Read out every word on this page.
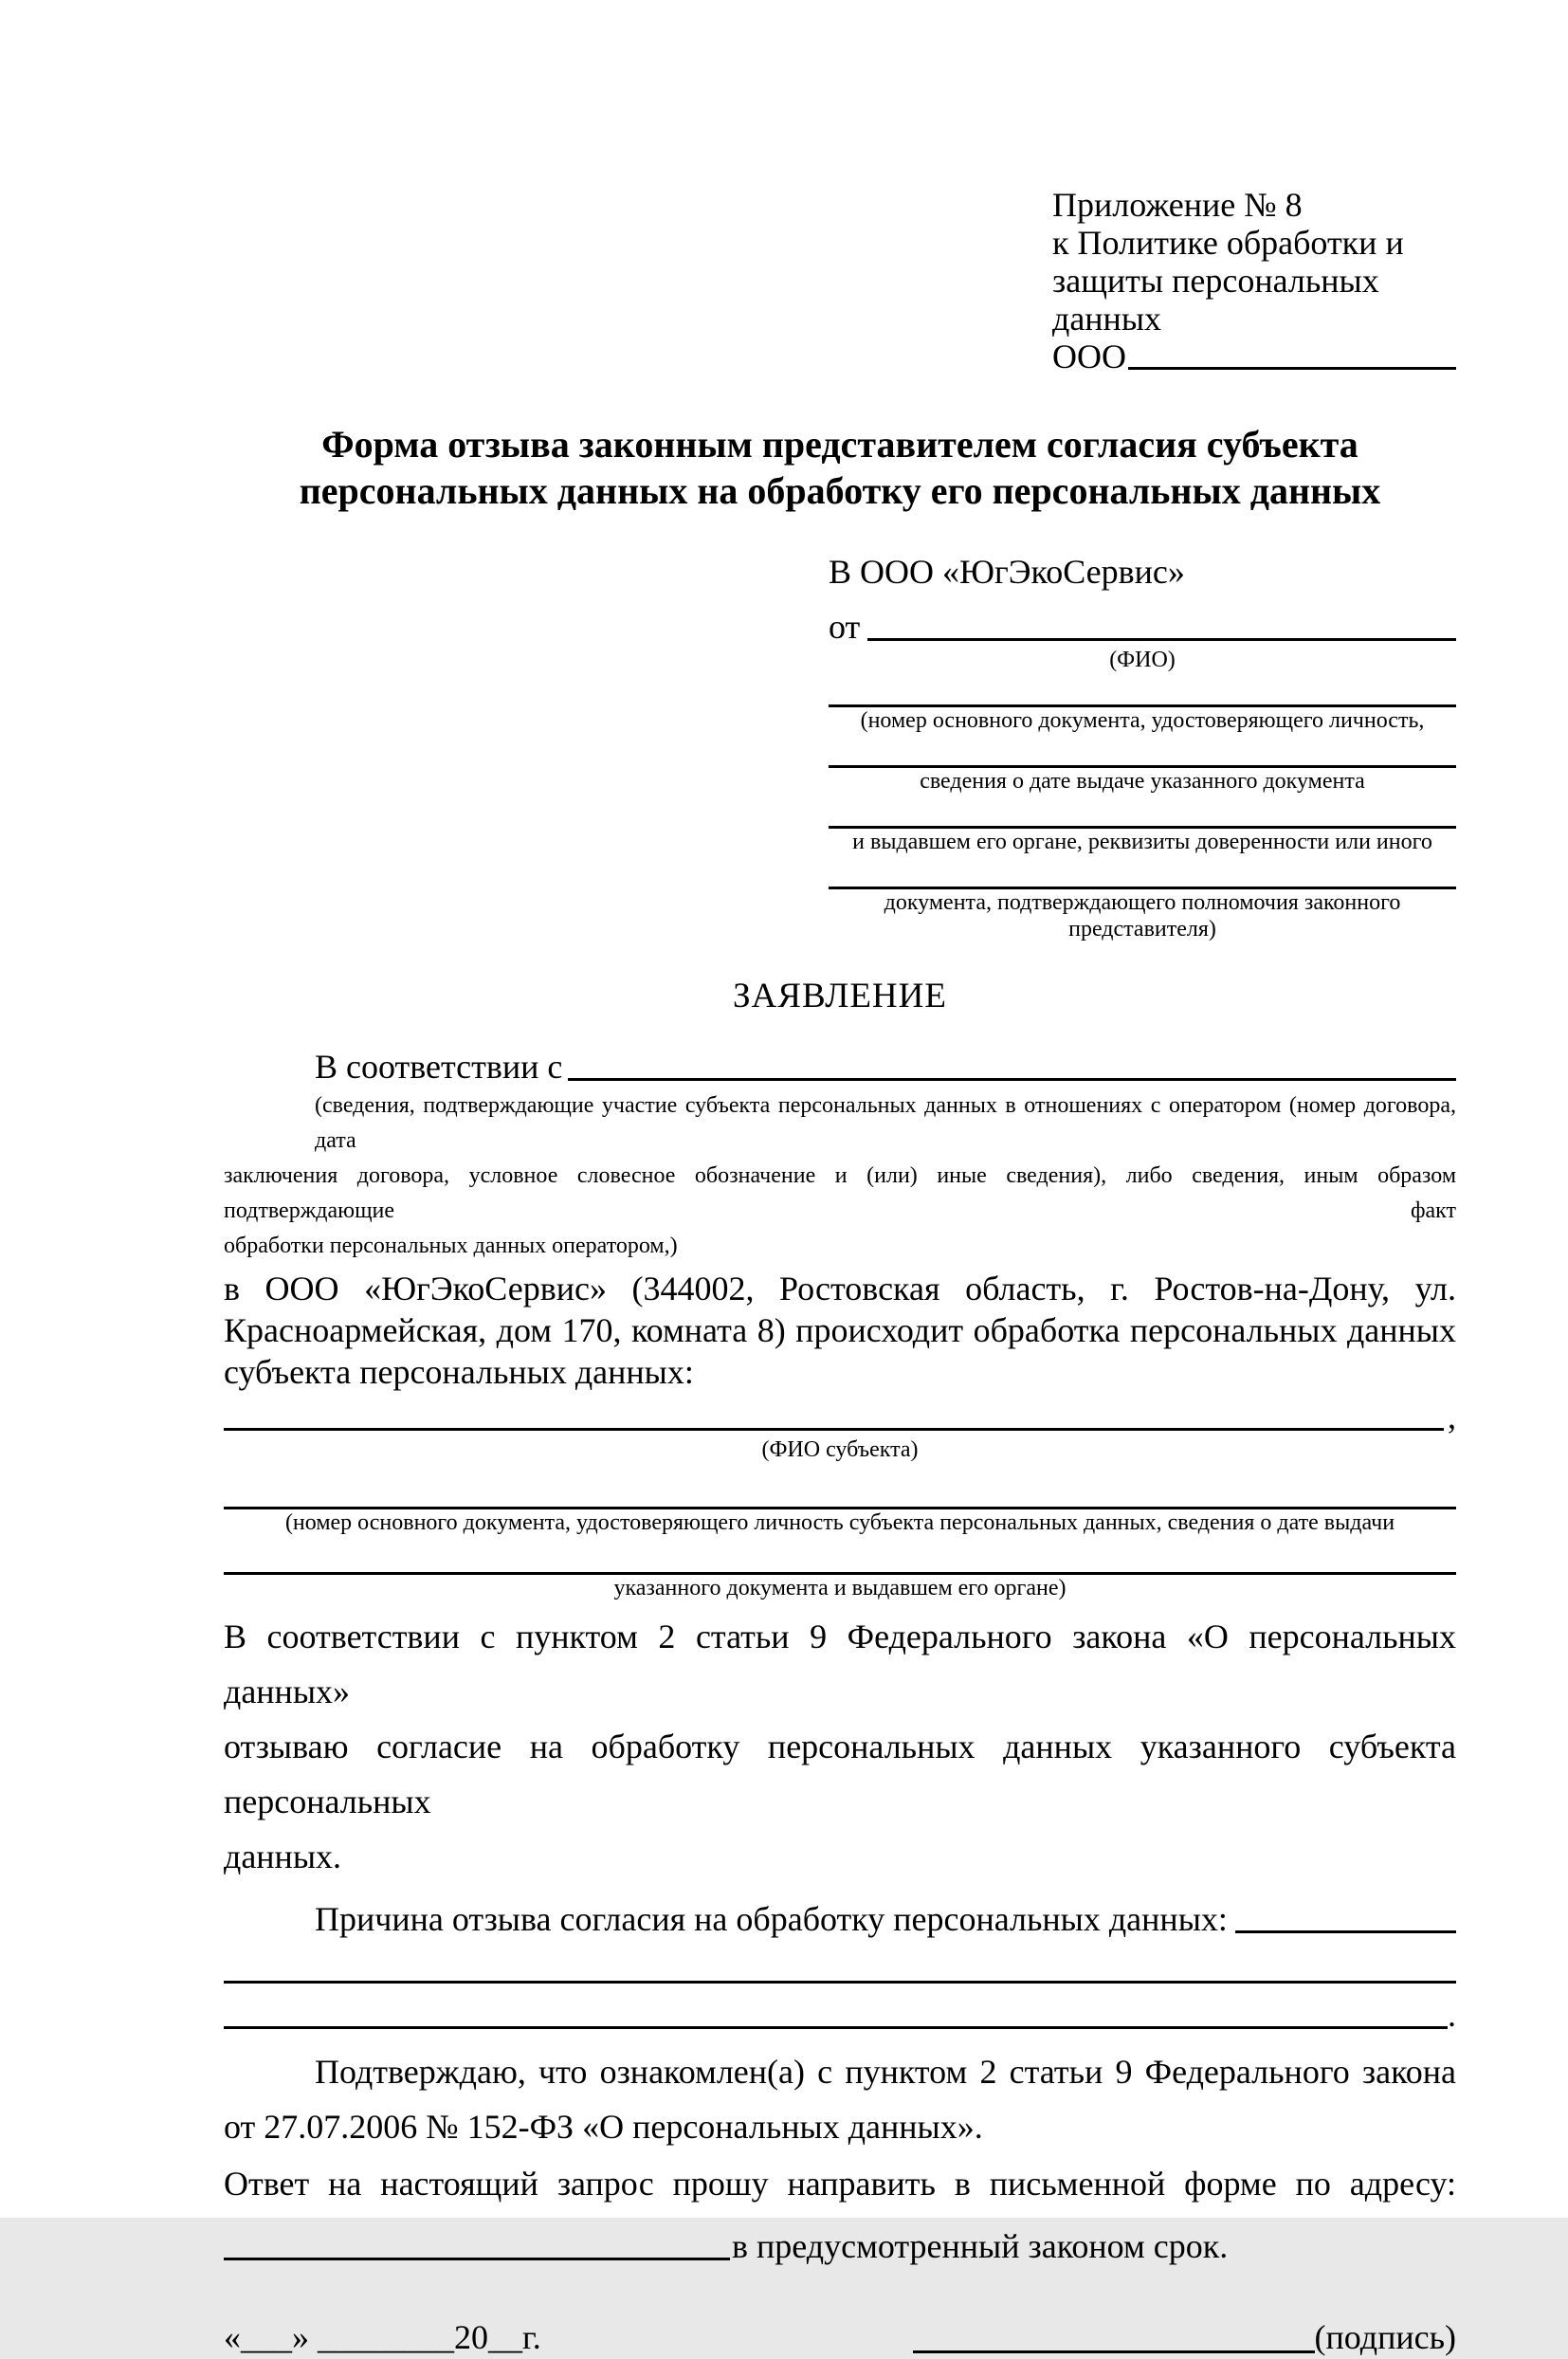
Приложение № 8
к Политике обработки и
защиты персональных данных
ООО
Форма отзыва законным представителем согласия субъекта персональных данных на обработку его персональных данных
В ООО «ЮгЭкоСервис»
от
(ФИО)
(номер основного документа, удостоверяющего личность,
сведения о дате выдаче указанного документа
и выдавшем его органе, реквизиты доверенности или иного
документа, подтверждающего полномочия законного представителя)
ЗАЯВЛЕНИЕ
В соответствии с
(сведения, подтверждающие участие субъекта персональных данных в отношениях с оператором (номер договора, дата
заключения договора, условное словесное обозначение и (или) иные сведения), либо сведения, иным образом подтверждающие факт
обработки персональных данных оператором,)
в ООО «ЮгЭкоСервис» (344002, Ростовская область, г. Ростов-на-Дону, ул.
Красноармейская, дом 170, комната 8) происходит обработка персональных данных
субъекта персональных данных:
,
(ФИО субъекта)
(номер основного документа, удостоверяющего личность субъекта персональных данных, сведения о дате выдачи
указанного документа и выдавшем его органе)
В соответствии с пунктом 2 статьи 9 Федерального закона «О персональных данных»
отзываю согласие на обработку персональных данных указанного субъекта персональных
данных.
Причина отзыва согласия на обработку персональных данных:
.
Подтверждаю, что ознакомлен(а) с пунктом 2 статьи 9 Федерального закона
от 27.07.2006 № 152-ФЗ «О персональных данных».
Ответ на настоящий запрос прошу направить в письменной форме по адресу:
в предусмотренный законом срок.
«___» ________20__г.	(подпись)
